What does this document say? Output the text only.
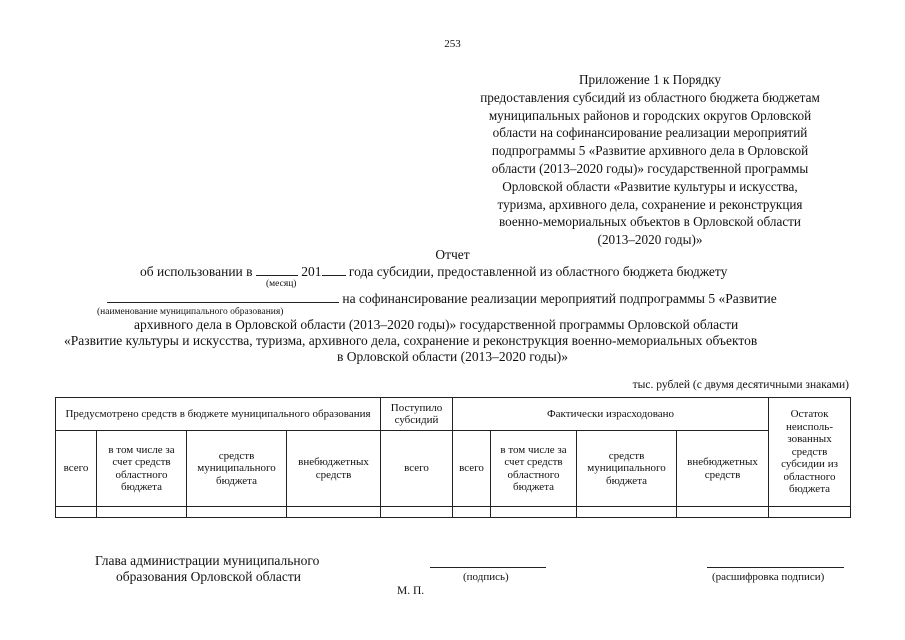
253
Приложение 1 к Порядку
предоставления субсидий из областного бюджета бюджетам
муниципальных районов и городских округов Орловской
области на софинансирование реализации мероприятий
подпрограммы 5 «Развитие архивного дела в Орловской
области (2013–2020 годы)» государственной программы
Орловской области «Развитие культуры и искусства,
туризма, архивного дела, сохранение и реконструкция
военно-мемориальных объектов в Орловской области
(2013–2020 годы)»
Отчет
об использовании в	201 года субсидии, предоставленной из областного бюджета бюджету
(месяц)
на софинансирование реализации мероприятий подпрограммы 5 «Развитие
(наименование муниципального образования)
архивного дела в Орловской области (2013–2020 годы)» государственной программы Орловской области
«Развитие культуры и искусства, туризма, архивного дела, сохранение и реконструкция военно-мемориальных объектов
в Орловской области (2013–2020 годы)»
тыс. рублей (с двумя десятичными знаками)
Предусмотрено средств в бюджете муниципального образования				Поступило субсидий	Фактически израсходовано				Остаток неисполь-зованных средств субсидии из областного бюджета
всего	в том числе за счет средств областного бюджета	средств муниципального бюджета	внебюджетных средств	всего	всего	в том числе за счет средств областного бюджета	средств муниципального бюджета	внебюджетных средств	

Глава администрации муниципального
образования Орловской области	(подпись)	(расшифровка подписи)
М. П.
